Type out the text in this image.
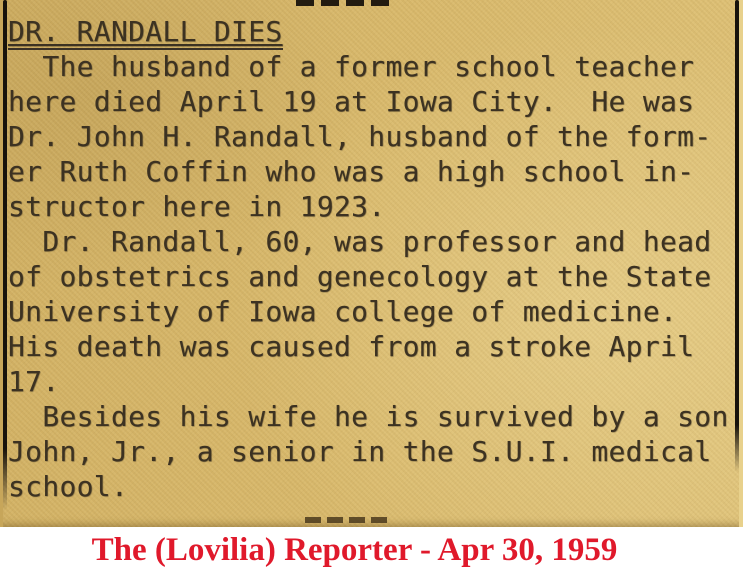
DR. RANDALL DIES
The husband of a former school teacher
here died April 19 at Iowa City.  He was
Dr. John H. Randall, husband of the form-
er Ruth Coffin who was a high school in-
structor here in 1923.
Dr. Randall, 60, was professor and head
of obstetrics and genecology at the State
University of Iowa college of medicine.
His death was caused from a stroke April
17.
Besides his wife he is survived by a son
John, Jr., a senior in the S.U.I. medical
school.
The (Lovilia) Reporter - Apr 30, 1959
